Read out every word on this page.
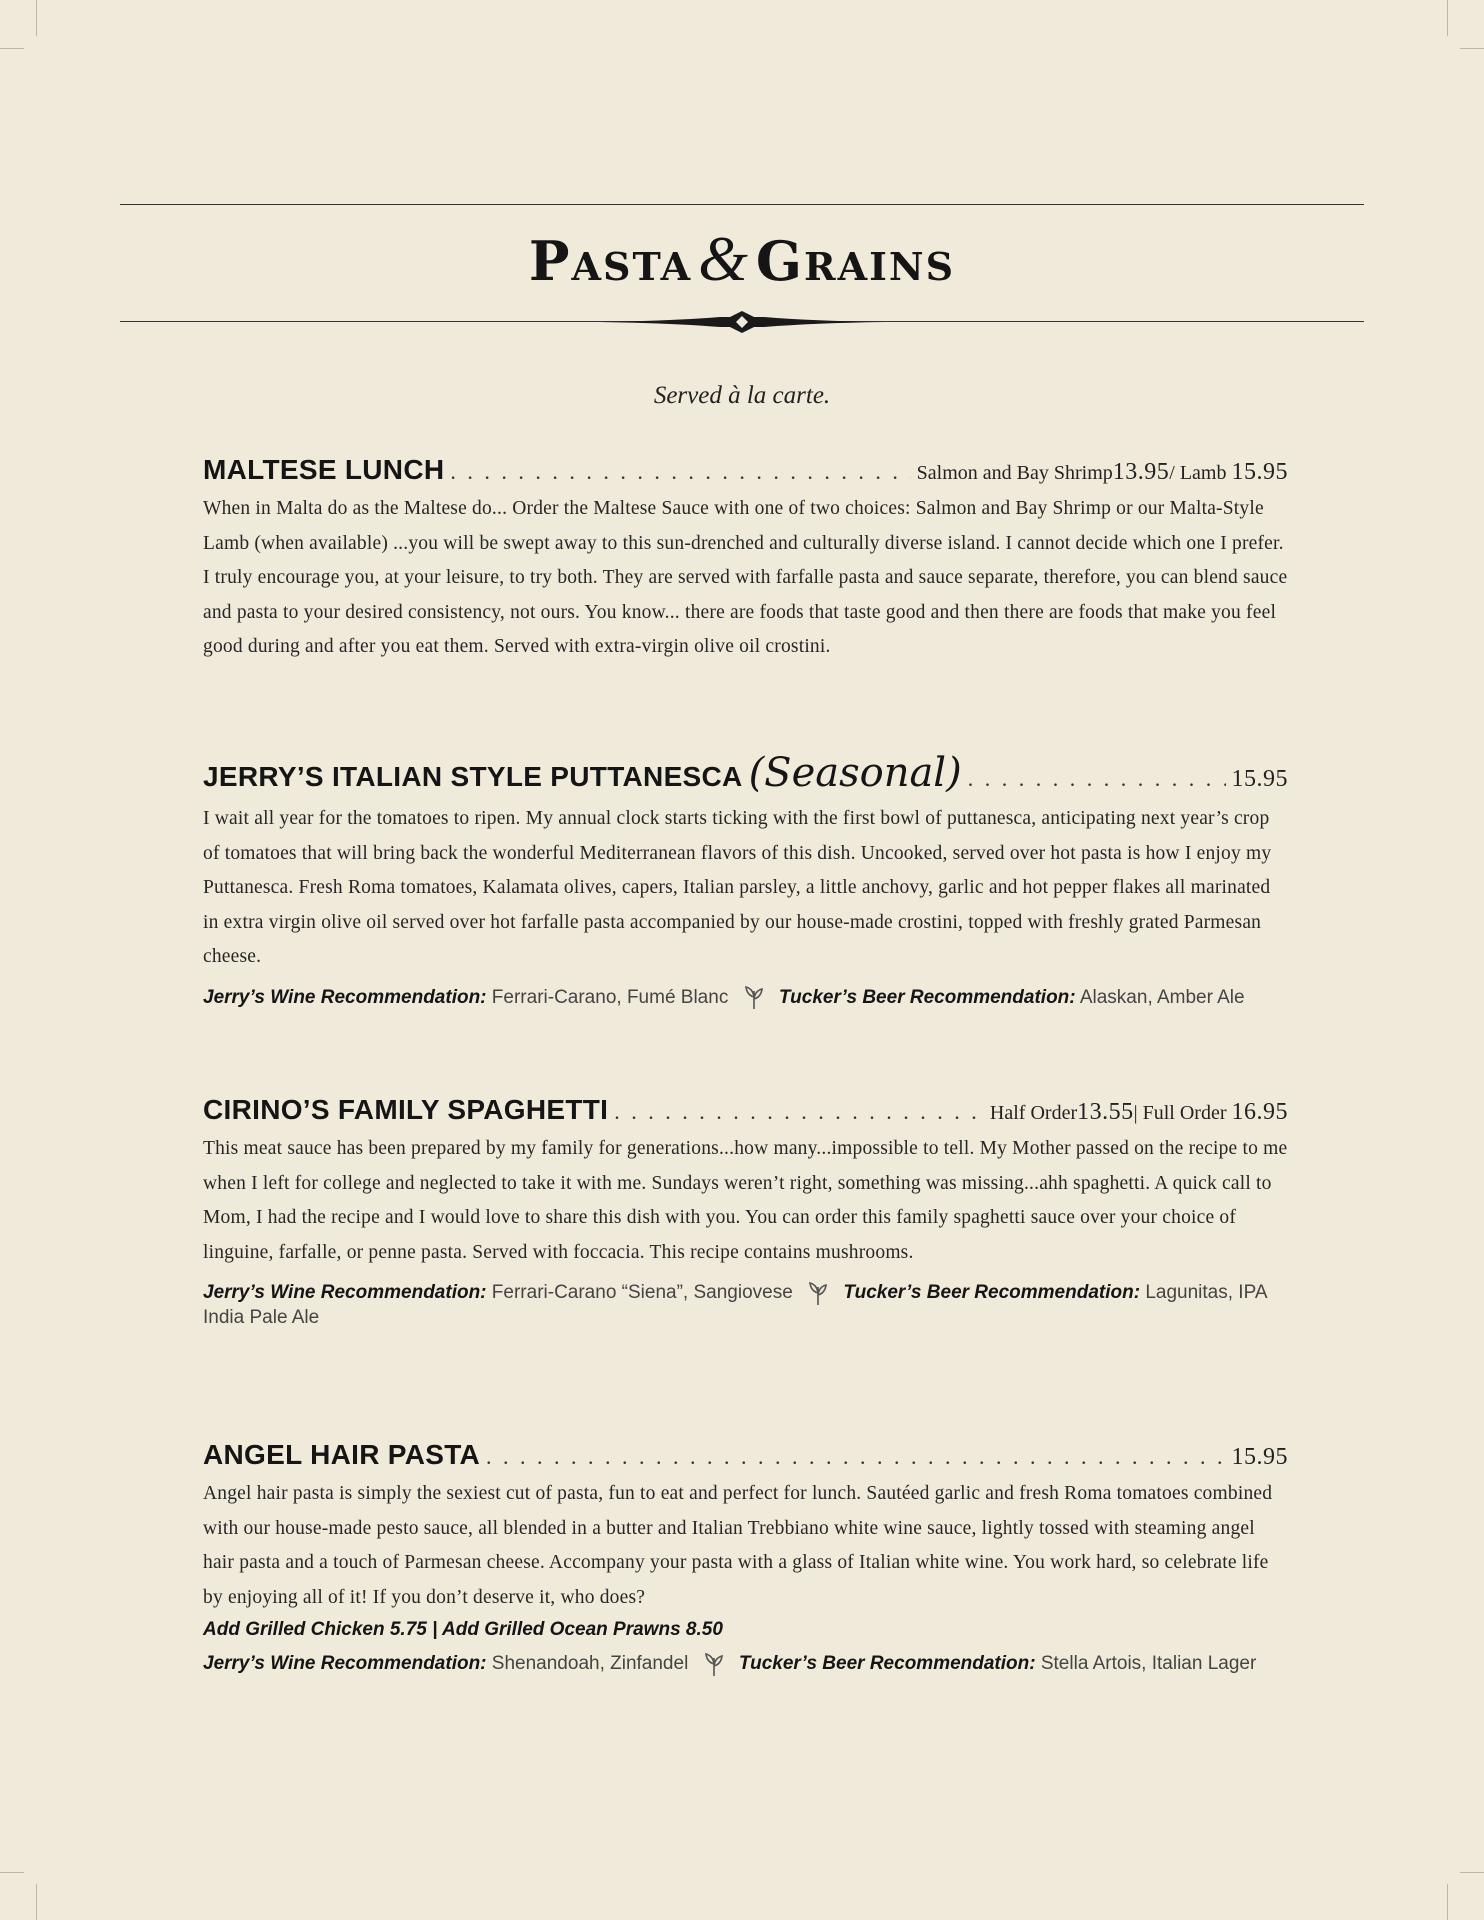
Pasta& Grains
Served à la carte.
MALTESE LUNCH . . .	Salmon and Bay Shrimp13.95/ Lamb 15.95
When in Malta do as the Maltese do... Order the Maltese Sauce with one of two choices: Salmon and Bay Shrimp or our Malta-Style Lamb (when available) ...you will be swept away to this sun-drenched and culturally diverse island. I cannot decide which one I prefer. I truly encourage you, at your leisure, to try both. They are served with farfalle pasta and sauce separate, therefore, you can blend sauce and pasta to your desired consistency, not ours. You know... there are foods that taste good and then there are foods that make you feel good during and after you eat them. Served with extra-virgin olive oil crostini.
JERRY’S ITALIAN STYLE PUTTANESCA (Seasonal) . . .	15.95
I wait all year for the tomatoes to ripen. My annual clock starts ticking with the first bowl of puttanesca, anticipating next year’s crop of tomatoes that will bring back the wonderful Mediterranean flavors of this dish. Uncooked, served over hot pasta is how I enjoy my Puttanesca. Fresh Roma tomatoes, Kalamata olives, capers, Italian parsley, a little anchovy, garlic and hot pepper flakes all marinated in extra virgin olive oil served over hot farfalle pasta accompanied by our house-made crostini, topped with freshly grated Parmesan cheese.
Jerry’s Wine Recommendation: Ferrari-Carano, Fumé Blanc	Tucker’s Beer Recommendation: Alaskan, Amber Ale
CIRINO’S FAMILY SPAGHETTI . . .	Half Order13.55| Full Order 16.95
This meat sauce has been prepared by my family for generations...how many...impossible to tell. My Mother passed on the recipe to me when I left for college and neglected to take it with me. Sundays weren’t right, something was missing...ahh spaghetti. A quick call to Mom, I had the recipe and I would love to share this dish with you. You can order this family spaghetti sauce over your choice of linguine, farfalle, or penne pasta. Served with foccacia. This recipe contains mushrooms.
Jerry’s Wine Recommendation: Ferrari-Carano “Siena”, Sangiovese	Tucker’s Beer Recommendation: Lagunitas, IPA India Pale Ale
ANGEL HAIR PASTA . . .	15.95
Angel hair pasta is simply the sexiest cut of pasta, fun to eat and perfect for lunch. Sautéed garlic and fresh Roma tomatoes combined with our house-made pesto sauce, all blended in a butter and Italian Trebbiano white wine sauce, lightly tossed with steaming angel hair pasta and a touch of Parmesan cheese. Accompany your pasta with a glass of Italian white wine. You work hard, so celebrate life by enjoying all of it! If you don’t deserve it, who does?
Add Grilled Chicken 5.75 | Add Grilled Ocean Prawns 8.50
Jerry’s Wine Recommendation: Shenandoah, Zinfandel	Tucker’s Beer Recommendation: Stella Artois, Italian Lager
